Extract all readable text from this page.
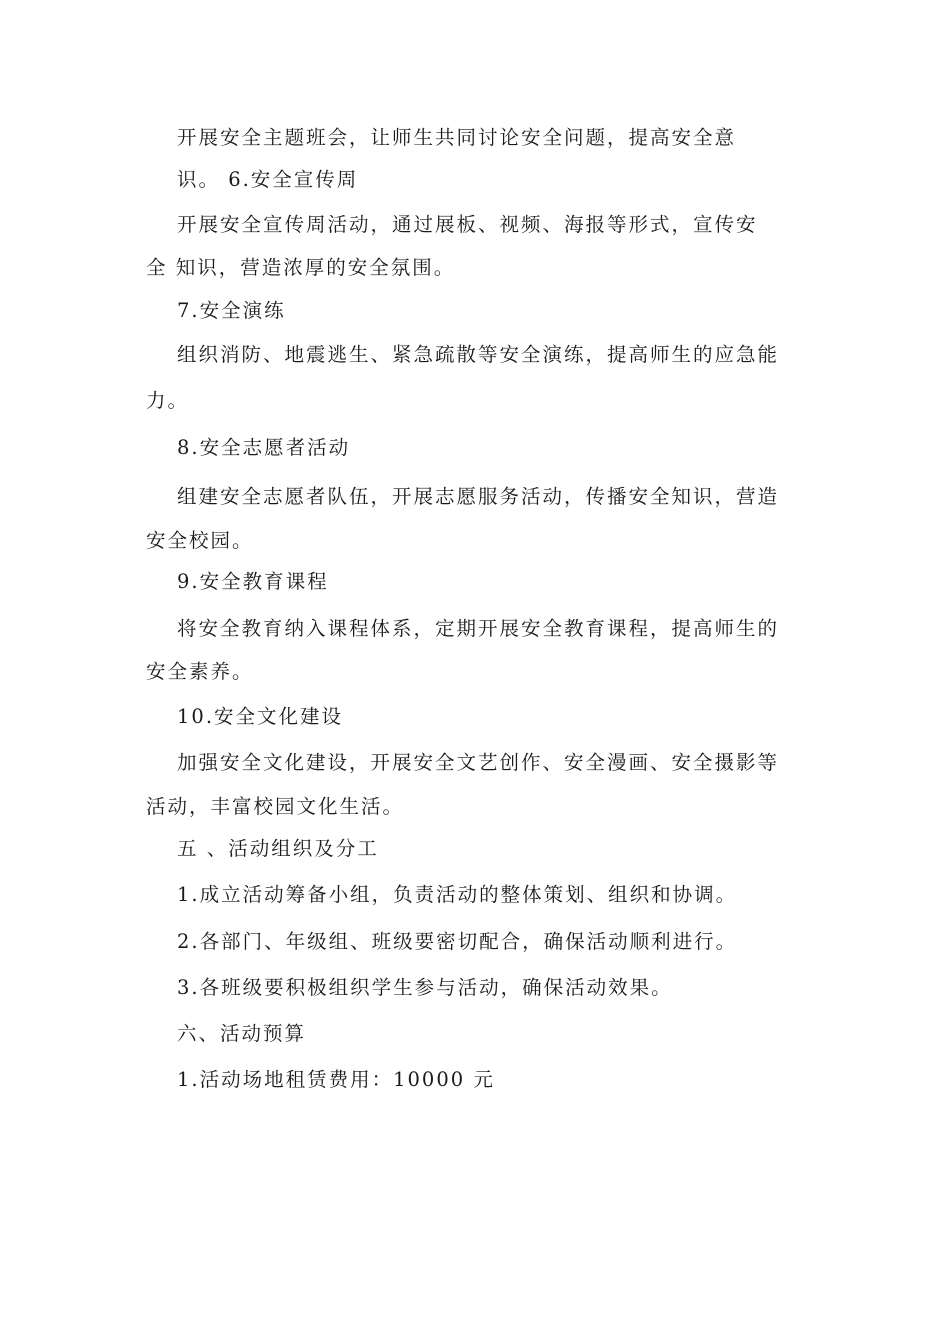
开展安全主题班会，让师生共同讨论安全问题，提高安全意
识。 6.安全宣传周
开展安全宣传周活动，通过展板、视频、海报等形式，宣传安
全 知识，营造浓厚的安全氛围。
7.安全演练
组织消防、地震逃生、紧急疏散等安全演练，提高师生的应急能
力。
8.安全志愿者活动
组建安全志愿者队伍，开展志愿服务活动，传播安全知识，营造
安全校园。
9.安全教育课程
将安全教育纳入课程体系，定期开展安全教育课程，提高师生的
安全素养。
10.安全文化建设
加强安全文化建设，开展安全文艺创作、安全漫画、安全摄影等
活动，丰富校园文化生活。
五 、活动组织及分工
1.成立活动筹备小组，负责活动的整体策划、组织和协调。
2.各部门、年级组、班级要密切配合，确保活动顺利进行。
3.各班级要积极组织学生参与活动，确保活动效果。
六、活动预算
1.活动场地租赁费用：10000 元
